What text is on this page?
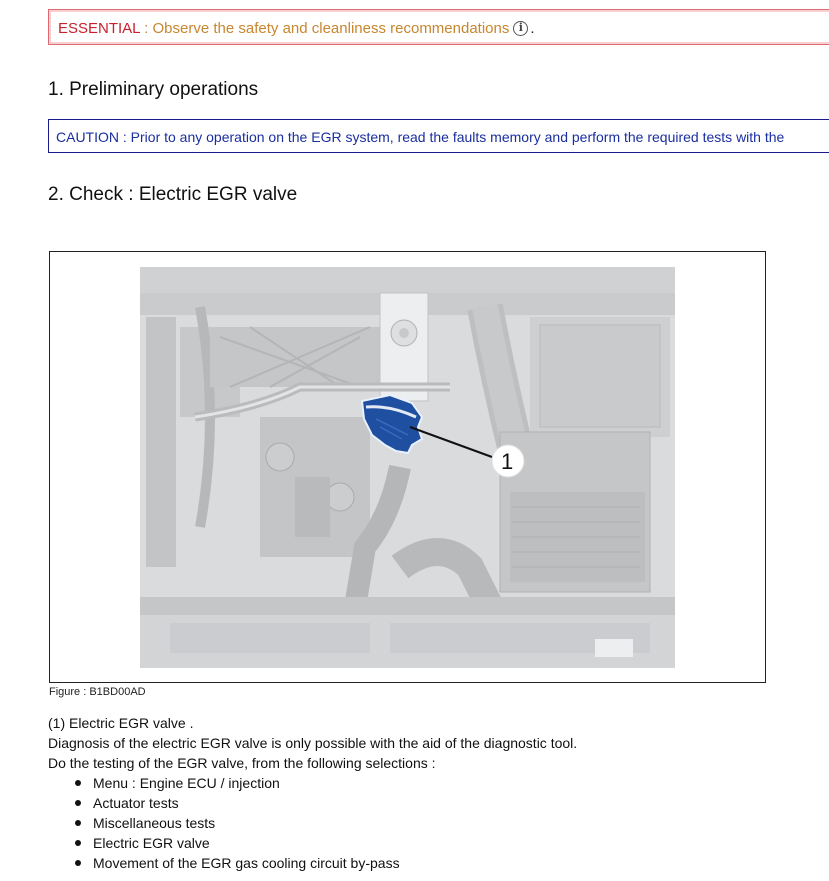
ESSENTIAL : Observe the safety and cleanliness recommendations i .
1. Preliminary operations
CAUTION : Prior to any operation on the EGR system, read the faults memory and perform the required tests with the
2. Check : Electric EGR valve
1
Figure : B1BD00AD
(1) Electric EGR valve .
Diagnosis of the electric EGR valve is only possible with the aid of the diagnostic tool.
Do the testing of the EGR valve, from the following selections :
Menu : Engine ECU / injection
Actuator tests
Miscellaneous tests
Electric EGR valve
Movement of the EGR gas cooling circuit by-pass
